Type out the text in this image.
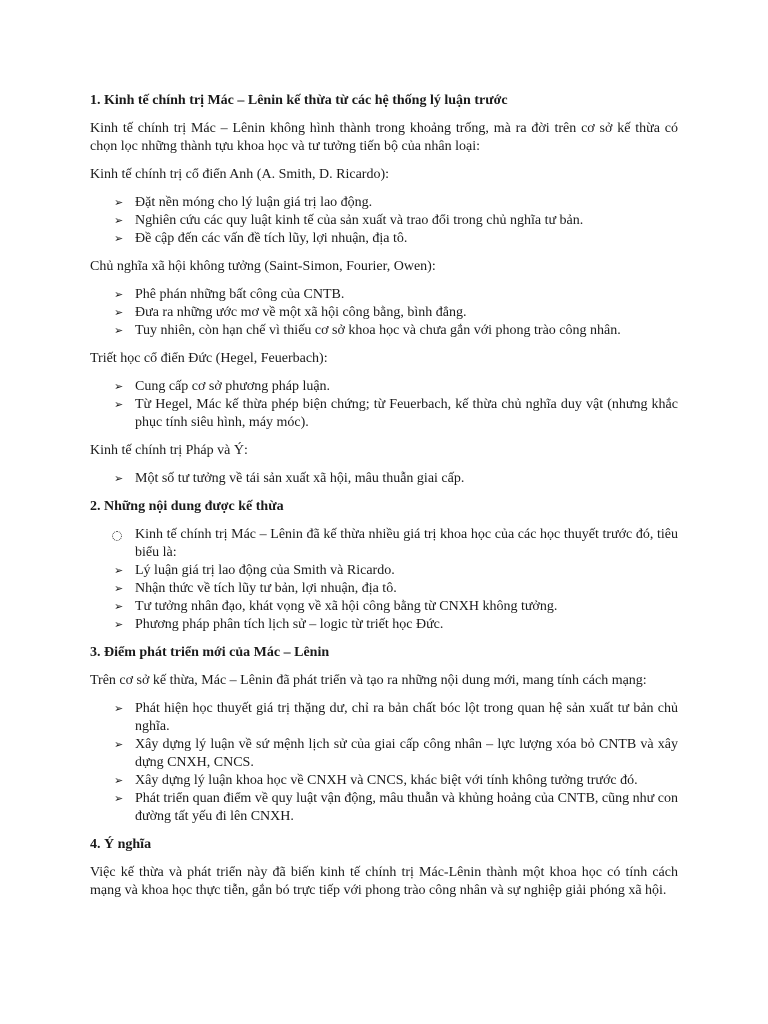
1. Kinh tế chính trị Mác – Lênin kế thừa từ các hệ thống lý luận trước
Kinh tế chính trị Mác – Lênin không hình thành trong khoảng trống, mà ra đời trên cơ sở kế thừa có chọn lọc những thành tựu khoa học và tư tưởng tiến bộ của nhân loại:
Kinh tế chính trị cổ điển Anh (A. Smith, D. Ricardo):
➢ Đặt nền móng cho lý luận giá trị lao động.
➢ Nghiên cứu các quy luật kinh tế của sản xuất và trao đổi trong chủ nghĩa tư bản.
➢ Đề cập đến các vấn đề tích lũy, lợi nhuận, địa tô.
Chủ nghĩa xã hội không tưởng (Saint-Simon, Fourier, Owen):
➢ Phê phán những bất công của CNTB.
➢ Đưa ra những ước mơ về một xã hội công bằng, bình đẳng.
➢ Tuy nhiên, còn hạn chế vì thiếu cơ sở khoa học và chưa gắn với phong trào công nhân.
Triết học cổ điển Đức (Hegel, Feuerbach):
➢ Cung cấp cơ sở phương pháp luận.
➢ Từ Hegel, Mác kế thừa phép biện chứng; từ Feuerbach, kế thừa chủ nghĩa duy vật (nhưng khắc phục tính siêu hình, máy móc).
Kinh tế chính trị Pháp và Ý:
➢ Một số tư tưởng về tái sản xuất xã hội, mâu thuẫn giai cấp.
2. Những nội dung được kế thừa
Kinh tế chính trị Mác – Lênin đã kế thừa nhiều giá trị khoa học của các học thuyết trước đó, tiêu biểu là:
➢ Lý luận giá trị lao động của Smith và Ricardo.
➢ Nhận thức về tích lũy tư bản, lợi nhuận, địa tô.
➢ Tư tưởng nhân đạo, khát vọng về xã hội công bằng từ CNXH không tưởng.
➢ Phương pháp phân tích lịch sử – logic từ triết học Đức.
3. Điểm phát triển mới của Mác – Lênin
Trên cơ sở kế thừa, Mác – Lênin đã phát triển và tạo ra những nội dung mới, mang tính cách mạng:
➢ Phát hiện học thuyết giá trị thặng dư, chỉ ra bản chất bóc lột trong quan hệ sản xuất tư bản chủ nghĩa.
➢ Xây dựng lý luận về sứ mệnh lịch sử của giai cấp công nhân – lực lượng xóa bỏ CNTB và xây dựng CNXH, CNCS.
➢ Xây dựng lý luận khoa học về CNXH và CNCS, khác biệt với tính không tưởng trước đó.
➢ Phát triển quan điểm về quy luật vận động, mâu thuẫn và khủng hoảng của CNTB, cũng như con đường tất yếu đi lên CNXH.
4. Ý nghĩa
Việc kế thừa và phát triển này đã biến kinh tế chính trị Mác-Lênin thành một khoa học có tính cách mạng và khoa học thực tiễn, gắn bó trực tiếp với phong trào công nhân và sự nghiệp giải phóng xã hội.
